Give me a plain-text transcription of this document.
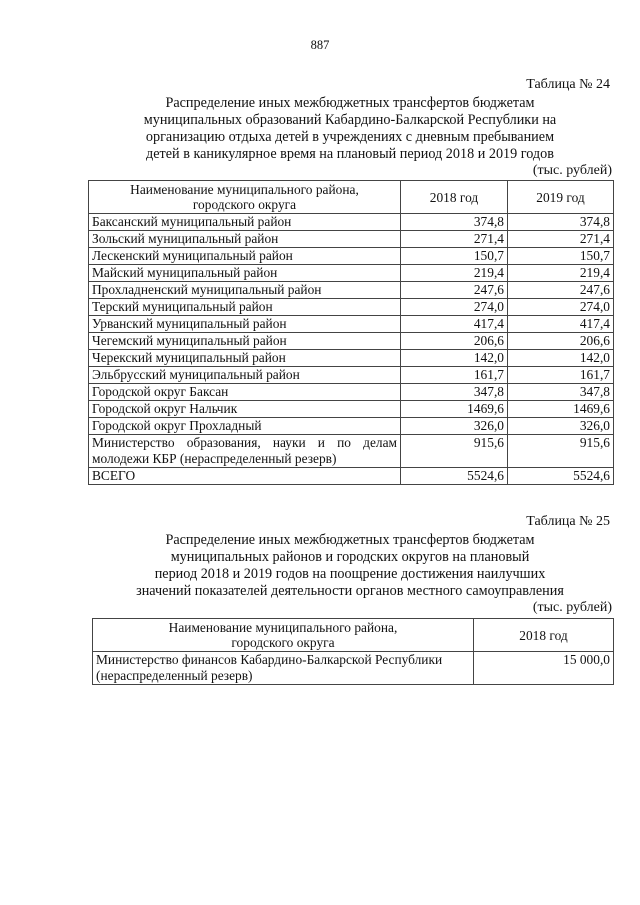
887
Таблица № 24
Распределение иных межбюджетных трансфертов бюджетам
муниципальных образований Кабардино-Балкарской Республики на
организацию отдыха детей в учреждениях с дневным пребыванием
детей в каникулярное время на плановый период 2018 и 2019 годов
(тыс. рублей)
Наименование муниципального района, городского округа	2018 год	2019 год
Баксанский муниципальный район	374,8	374,8
Зольский муниципальный район	271,4	271,4
Лескенский муниципальный район	150,7	150,7
Майский муниципальный район	219,4	219,4
Прохладненский муниципальный район	247,6	247,6
Терский муниципальный район	274,0	274,0
Урванский муниципальный район	417,4	417,4
Чегемский муниципальный район	206,6	206,6
Черекский муниципальный район	142,0	142,0
Эльбрусский муниципальный район	161,7	161,7
Городской округ Баксан	347,8	347,8
Городской округ Нальчик	1469,6	1469,6
Городской округ Прохладный	326,0	326,0
Министерство образования, науки и по делам молодежи КБР (нераспределенный резерв)	915,6	915,6
ВСЕГО	5524,6	5524,6
Таблица № 25
Распределение иных межбюджетных трансфертов бюджетам
муниципальных районов и городских округов на плановый
период 2018 и 2019 годов на поощрение достижения наилучших
значений показателей деятельности органов местного самоуправления
(тыс. рублей)
Наименование муниципального района, городского округа	2018 год
Министерство финансов Кабардино-Балкарской Республики (нераспределенный резерв)	15 000,0
